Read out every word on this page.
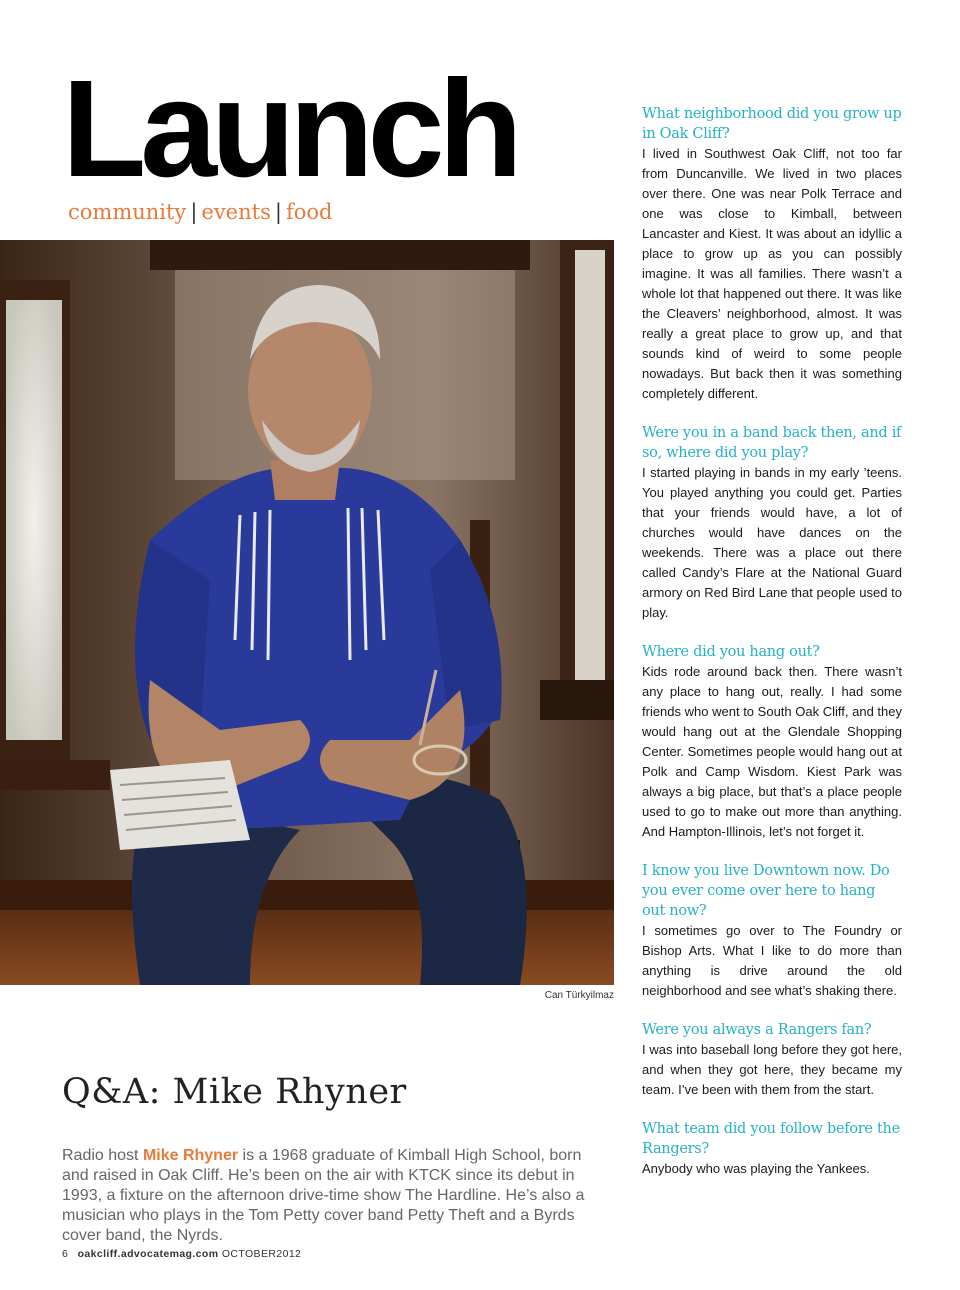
Launch
community | events | food
Can Türkyilmaz
Q&A: Mike Rhyner

Radio host Mike Rhyner is a 1968 graduate of Kimball High School, born and raised in Oak Cliff. He’s been on the air with KTCK since its debut in 1993, a fixture on the afternoon drive-time show The Hardline. He’s also a musician who plays in the Tom Petty cover band Petty Theft and a Byrds cover band, the Nyrds.

6 oakcliff.advocatemag.com OCTOBER2012
What neighborhood did you grow up in Oak Cliff?

I lived in Southwest Oak Cliff, not too far from Duncanville. We lived in two places over there. One was near Polk Terrace and one was close to Kimball, between Lancaster and Kiest. It was about an idyllic a place to grow up as you can possibly imagine. It was all families. There wasn’t a whole lot that happened out there. It was like the Cleavers’ neighborhood, almost. It was really a great place to grow up, and that sounds kind of weird to some people nowadays. But back then it was something completely different.

Were you in a band back then, and if so, where did you play?

I started playing in bands in my early ’teens. You played anything you could get. Parties that your friends would have, a lot of churches would have dances on the weekends. There was a place out there called Candy’s Flare at the National Guard armory on Red Bird Lane that people used to play.

Where did you hang out?

Kids rode around back then. There wasn’t any place to hang out, really. I had some friends who went to South Oak Cliff, and they would hang out at the Glendale Shopping Center. Sometimes people would hang out at Polk and Camp Wisdom. Kiest Park was always a big place, but that’s a place people used to go to make out more than anything. And Hampton-Illinois, let’s not forget it.

I know you live Downtown now. Do you ever come over here to hang out now?

I sometimes go over to The Foundry or Bishop Arts. What I like to do more than anything is drive around the old neighborhood and see what’s shaking there.

Were you always a Rangers fan?

I was into baseball long before they got here, and when they got here, they became my team. I’ve been with them from the start.

What team did you follow before the Rangers?

Anybody who was playing the Yankees.
